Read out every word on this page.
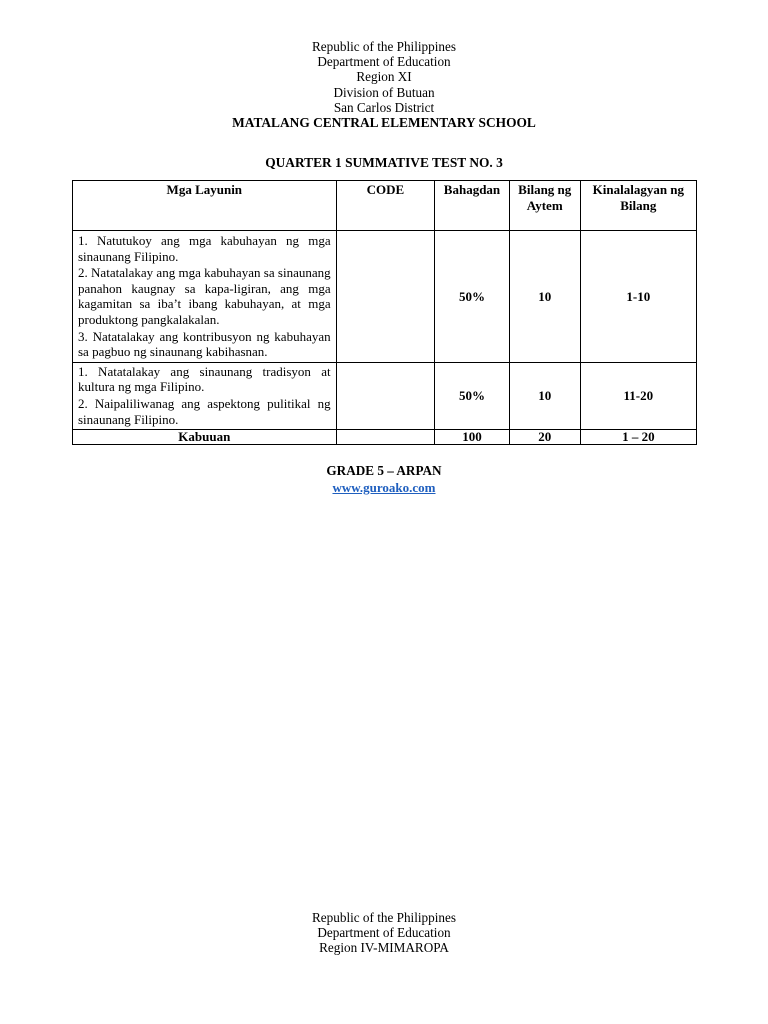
Republic of the Philippines
Department of Education
Region XI
Division of Butuan
San Carlos District
MATALANG CENTRAL ELEMENTARY SCHOOL
QUARTER 1 SUMMATIVE TEST NO. 3
Mga Layunin	CODE	Bahagdan	Bilang ng Aytem	Kinalalagyan ng Bilang

1. Natutukoy ang mga kabuhayan ng mga sinaunang Filipino.

2. Natatalakay ang mga kabuhayan sa sinaunang panahon kaugnay sa kapa-ligiran, ang mga kagamitan sa iba’t ibang kabuhayan, at mga produktong pangkalakalan.

3. Natatalakay ang kontribusyon ng kabuhayan sa pagbuo ng sinaunang kabihasnan.		50%	10	1-10

1. Natatalakay ang sinaunang tradisyon at kultura ng mga Filipino.

2. Naipaliliwanag ang aspektong pulitikal ng sinaunang Filipino.		50%	10	11-20
Kabuuan		100	20	1 – 20
GRADE 5 – ARPAN
www.guroako.com
Republic of the Philippines
Department of Education
Region IV-MIMAROPA
